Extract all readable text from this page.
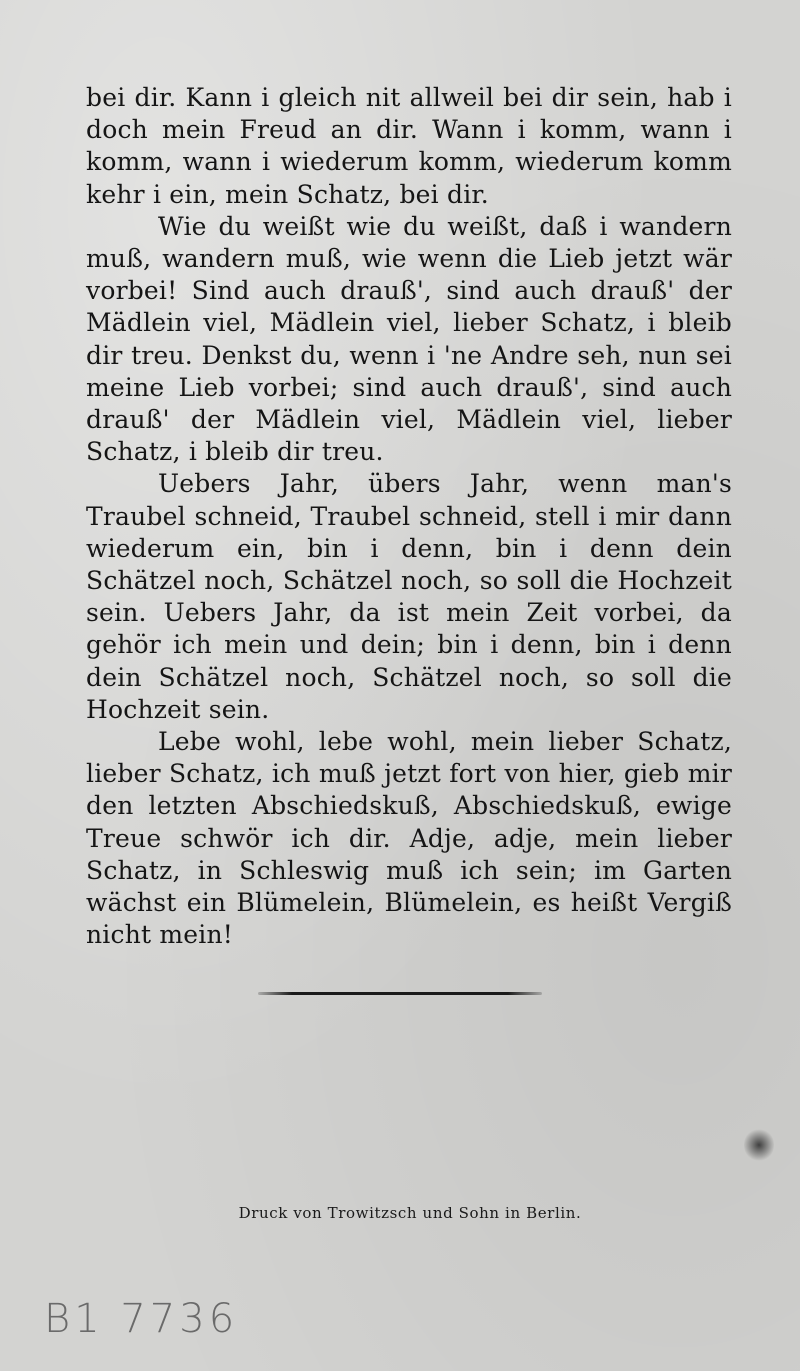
bei dir. Kann i gleich nit allweil bei dir sein, hab i doch mein Freud an dir. Wann i komm, wann i komm, wann i wiederum komm, wiederum komm kehr i ein, mein Schatz, bei dir.

Wie du weißt wie du weißt, daß i wandern muß, wandern muß, wie wenn die Lieb jetzt wär vorbei! Sind auch drauß', sind auch drauß' der Mädlein viel, Mädlein viel, lieber Schatz, i bleib dir treu. Denkst du, wenn i 'ne Andre seh, nun sei meine Lieb vorbei; sind auch drauß', sind auch drauß' der Mädlein viel, Mädlein viel, lieber Schatz, i bleib dir treu.

Uebers Jahr, übers Jahr, wenn man's Traubel schneid, Traubel schneid, stell i mir dann wiederum ein, bin i denn, bin i denn dein Schätzel noch, Schätzel noch, so soll die Hochzeit sein. Uebers Jahr, da ist mein Zeit vorbei, da gehör ich mein und dein; bin i denn, bin i denn dein Schätzel noch, Schätzel noch, so soll die Hochzeit sein.

Lebe wohl, lebe wohl, mein lieber Schatz, lieber Schatz, ich muß jetzt fort von hier, gieb mir den letzten Abschiedskuß, Abschiedskuß, ewige Treue schwör ich dir. Adje, adje, mein lieber Schatz, in Schleswig muß ich sein; im Garten wächst ein Blümelein, Blümelein, es heißt Vergiß nicht mein!

Druck von Trowitzsch und Sohn in Berlin.
B1 7736
